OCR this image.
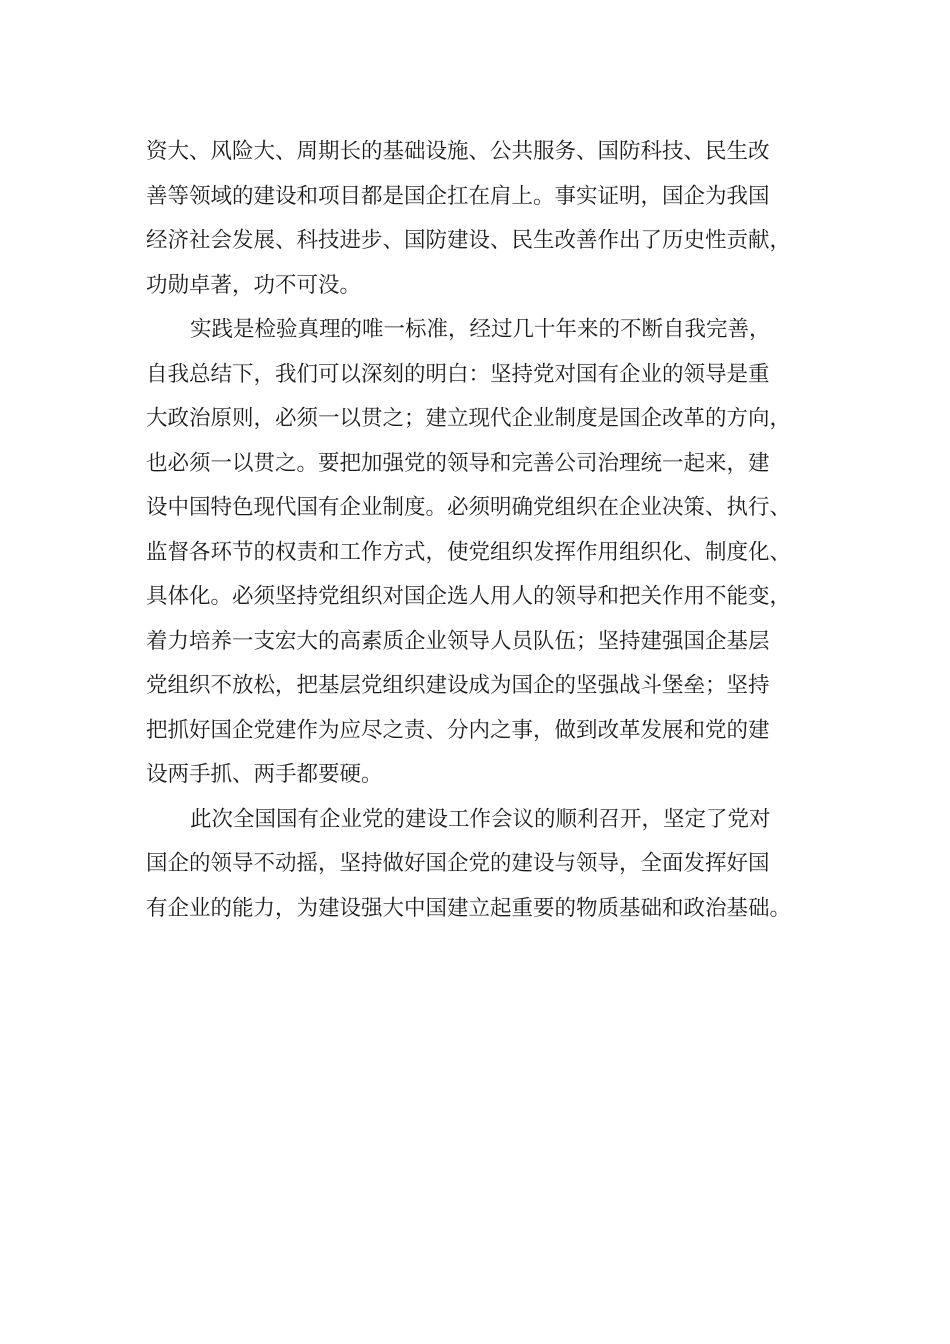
资大、风险大、周期长的基础设施、公共服务、国防科技、民生改
善等领域的建设和项目都是国企扛在肩上。事实证明，国企为我国
经济社会发展、科技进步、国防建设、民生改善作出了历史性贡献，
功勋卓著，功不可没。
实践是检验真理的唯一标准，经过几十年来的不断自我完善，
自我总结下，我们可以深刻的明白：坚持党对国有企业的领导是重
大政治原则，必须一以贯之；建立现代企业制度是国企改革的方向，
也必须一以贯之。要把加强党的领导和完善公司治理统一起来，建
设中国特色现代国有企业制度。必须明确党组织在企业决策、执行、
监督各环节的权责和工作方式，使党组织发挥作用组织化、制度化、
具体化。必须坚持党组织对国企选人用人的领导和把关作用不能变，
着力培养一支宏大的高素质企业领导人员队伍；坚持建强国企基层
党组织不放松，把基层党组织建设成为国企的坚强战斗堡垒；坚持
把抓好国企党建作为应尽之责、分内之事，做到改革发展和党的建
设两手抓、两手都要硬。
此次全国国有企业党的建设工作会议的顺利召开，坚定了党对
国企的领导不动摇，坚持做好国企党的建设与领导，全面发挥好国
有企业的能力，为建设强大中国建立起重要的物质基础和政治基础。
